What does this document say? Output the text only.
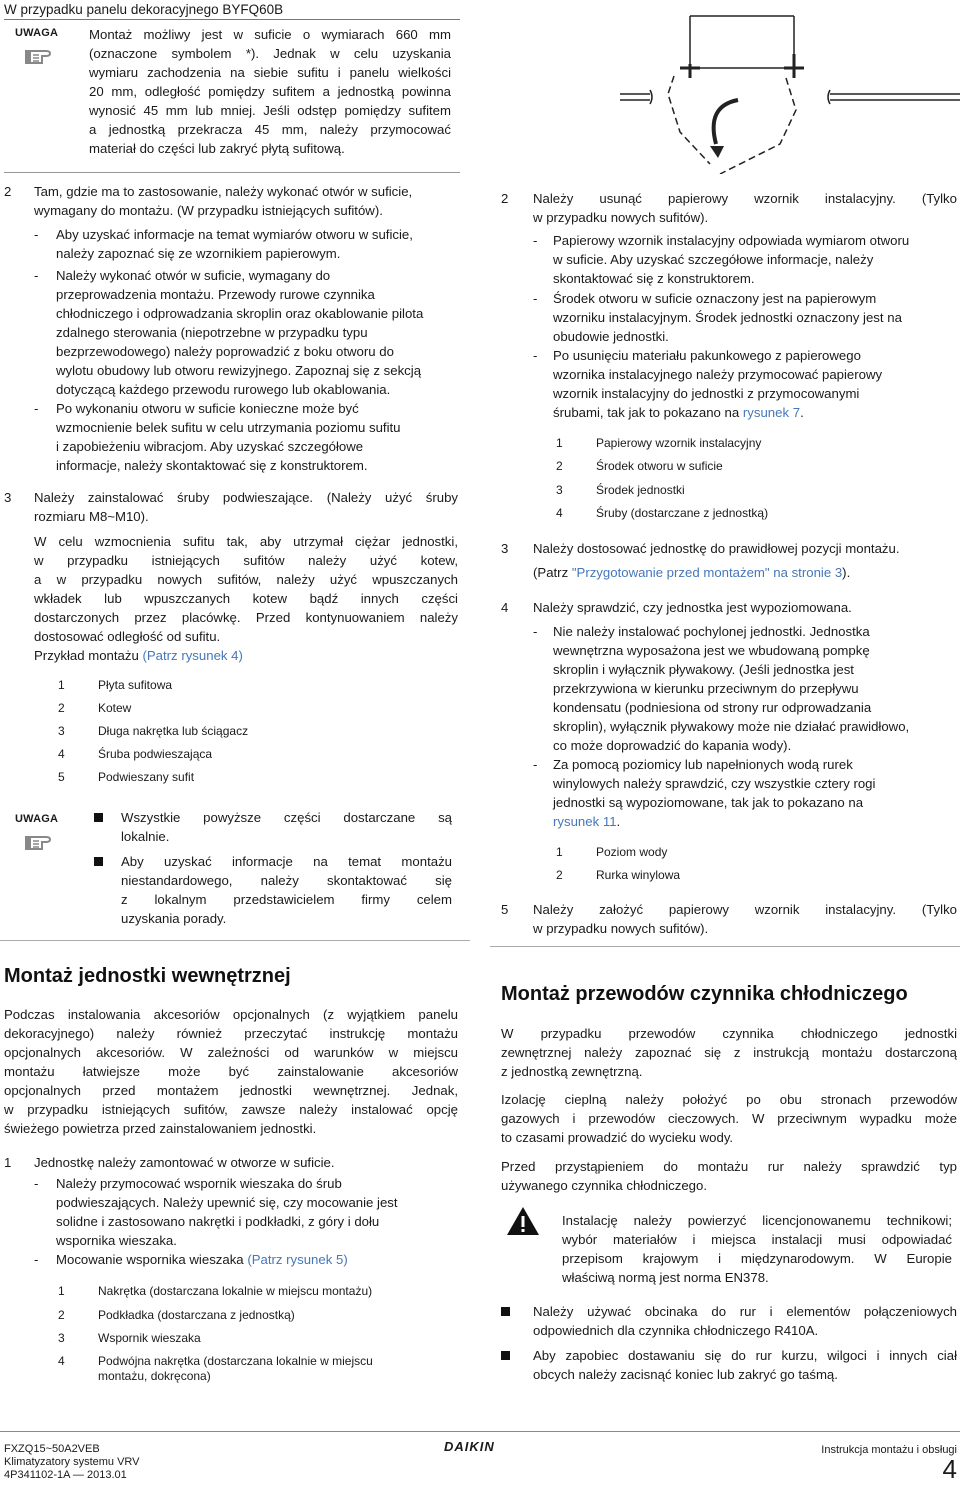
W przypadku panelu dekoracyjnego BYFQ60B
UWAGA Montaż możliwy jest w suficie o wymiarach 660 mm
(oznaczone symbolem *). Jednak w celu uzyskania
wymiaru zachodzenia na siebie sufitu i panelu wielkości
20 mm, odległość pomiędzy sufitem a jednostką powinna
wynosić 45 mm lub mniej. Jeśli odstęp pomiędzy sufitem
a jednostką przekracza 45 mm, należy przymocować
materiał do części lub zakryć płytą sufitową.
2 Tam, gdzie ma to zastosowanie, należy wykonać otwór w suficie,
wymagany do montażu. (W przypadku istniejących sufitów).
- Aby uzyskać informacje na temat wymiarów otworu w suficie,
należy zapoznać się ze wzornikiem papierowym.
- Należy wykonać otwór w suficie, wymagany do
przeprowadzenia montażu. Przewody rurowe czynnika
chłodniczego i odprowadzania skroplin oraz okablowanie pilota
zdalnego sterowania (niepotrzebne w przypadku typu
bezprzewodowego) należy poprowadzić z boku otworu do
wylotu obudowy lub otworu rewizyjnego. Zapoznaj się z sekcją
dotyczącą każdego przewodu rurowego lub okablowania.
- Po wykonaniu otworu w suficie konieczne może być
wzmocnienie belek sufitu w celu utrzymania poziomu sufitu
i zapobieżeniu wibracjom. Aby uzyskać szczegółowe
informacje, należy skontaktować się z konstruktorem.
3 Należy zainstalować śruby podwieszające. (Należy użyć śruby
rozmiaru M8~M10).
W celu wzmocnienia sufitu tak, aby utrzymał ciężar jednostki,
w przypadku istniejących sufitów należy użyć kotew,
a w przypadku nowych sufitów, należy użyć wpuszczanych
wkładek lub wpuszczanych kotew bądź innych części
dostarczonych przez placówkę. Przed kontynuowaniem należy
dostosować odległość od sufitu.
Przykład montażu (Patrz rysunek 4)
1	Płyta sufitowa
2	Kotew
3	Długa nakrętka lub ściągacz
4	Śruba podwieszająca
5	Podwieszany sufit
UWAGA	Wszystkie powyższe części dostarczane są
lokalnie.
Aby uzyskać informacje na temat montażu
niestandardowego, należy skontaktować się
z lokalnym przedstawicielem firmy celem
uzyskania porady.
Montaż jednostki wewnętrznej
Podczas instalowania akcesoriów opcjonalnych (z wyjątkiem panelu
dekoracyjnego) należy również przeczytać instrukcję montażu
opcjonalnych akcesoriów. W zależności od warunków w miejscu
montażu łatwiejsze może być zainstalowanie akcesoriów
opcjonalnych przed montażem jednostki wewnętrznej. Jednak,
w przypadku istniejących sufitów, zawsze należy instalować opcję
świeżego powietrza przed zainstalowaniem jednostki.
1 Jednostkę należy zamontować w otworze w suficie.
- Należy przymocować wspornik wieszaka do śrub
podwieszających. Należy upewnić się, czy mocowanie jest
solidne i zastosowano nakrętki i podkładki, z góry i dołu
wspornika wieszaka.
- Mocowanie wspornika wieszaka (Patrz rysunek 5)
1	Nakrętka (dostarczana lokalnie w miejscu montażu)
2	Podkładka (dostarczana z jednostką)
3	Wspornik wieszaka
4	Podwójna nakrętka (dostarczana lokalnie w miejscu
montażu, dokręcona)
2 Należy usunąć papierowy wzornik instalacyjny. (Tylko
w przypadku nowych sufitów).
- Papierowy wzornik instalacyjny odpowiada wymiarom otworu
w suficie. Aby uzyskać szczegółowe informacje, należy
skontaktować się z konstruktorem.
- Środek otworu w suficie oznaczony jest na papierowym
wzorniku instalacyjnym. Środek jednostki oznaczony jest na
obudowie jednostki.
- Po usunięciu materiału pakunkowego z papierowego
wzornika instalacyjnego należy przymocować papierowy
wzornik instalacyjny do jednostki z przymocowanymi
śrubami, tak jak to pokazano na rysunek 7.
1	Papierowy wzornik instalacyjny
2	Środek otworu w suficie
3	Środek jednostki
4	Śruby (dostarczane z jednostką)
3 Należy dostosować jednostkę do prawidłowej pozycji montażu.
(Patrz "Przygotowanie przed montażem" na stronie 3).
4 Należy sprawdzić, czy jednostka jest wypoziomowana.
- Nie należy instalować pochylonej jednostki. Jednostka
wewnętrzna wyposażona jest we wbudowaną pompkę
skroplin i wyłącznik pływakowy. (Jeśli jednostka jest
przekrzywiona w kierunku przeciwnym do przepływu
kondensatu (podniesiona od strony rur odprowadzania
skroplin), wyłącznik pływakowy może nie działać prawidłowo,
co może doprowadzić do kapania wody).
- Za pomocą poziomicy lub napełnionych wodą rurek
winylowych należy sprawdzić, czy wszystkie cztery rogi
jednostki są wypoziomowane, tak jak to pokazano na
rysunek 11.
1	Poziom wody
2	Rurka winylowa
5 Należy założyć papierowy wzornik instalacyjny. (Tylko
w przypadku nowych sufitów).
Montaż przewodów czynnika chłodniczego
W przypadku przewodów czynnika chłodniczego jednostki
zewnętrznej należy zapoznać się z instrukcją montażu dostarczoną
z jednostką zewnętrzną.
Izolację cieplną należy położyć po obu stronach przewodów
gazowych i przewodów cieczowych. W przeciwnym wypadku może
to czasami prowadzić do wycieku wody.
Przed przystąpieniem do montażu rur należy sprawdzić typ
używanego czynnika chłodniczego.
Instalację należy powierzyć licencjonowanemu technikowi;
wybór materiałów i miejsca instalacji musi odpowiadać
przepisom krajowym i międzynarodowym. W Europie
właściwą normą jest norma EN378.
Należy używać obcinaka do rur i elementów połączeniowych
odpowiednich dla czynnika chłodniczego R410A.
Aby zapobiec dostawaniu się do rur kurzu, wilgoci i innych ciał
obcych należy zacisnąć koniec lub zakryć go taśmą.
FXZQ15~50A2VEB
Klimatyzatory systemu VRV
4P341102-1A — 2013.01
DAIKIN	Instrukcja montażu i obsługi
4
